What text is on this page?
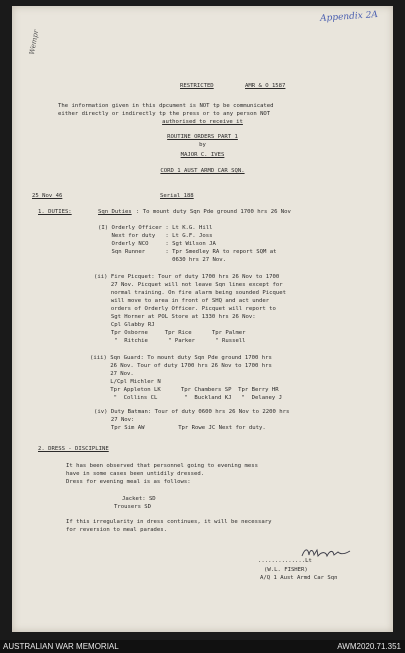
Appendix 2A
Wempr
RESTRICTED	AMR & O 1587
The information given in this dpcument is NOT tp be communicated
either directly or indirectly tp the press or to any person NOT
authorised to receive it
ROUTINE ORDERS PART 1
by
MAJOR C. IVES
CORD 1 AUST ARMD CAR SQN.
25 Nov 46	Serial 188
1. DUTIES:	Sqn Duties : To mount duty Sqn Pde ground 1700 hrs 26 Nov
(I) Orderly Officer : Lt K.G. Hill
Next for duty   : Lt G.F. Joss
Orderly NCO     : Sgt Wilson JA
Sqn Runner      : Tpr Smedley RA to report SQM at
0630 hrs 27 Nov.
(ii) Fire Picquet: Tour of duty 1700 hrs 26 Nov to 1700
27 Nov. Picquet will not leave Sqn lines except for
normal training. On fire alarm being sounded Picquet
will move to area in front of SHQ and act under
orders of Orderly Officer. Picquet will report to
Sgt Horner at POL Store at 1330 hrs 26 Nov:
Cpl Glabby RJ
Tpr Osborne     Tpr Rice      Tpr Palmer
"  Ritchie      " Parker      " Russell
(iii) Sqn Guard: To mount duty Sqn Pde ground 1700 hrs
26 Nov. Tour of duty 1700 hrs 26 Nov to 1700 hrs
27 Nov.
L/Cpl Michler N
Tpr Appleton LK      Tpr Chambers SP  Tpr Berry HR
"  Collins CL        "  Buckland KJ   "  Delaney J
(iv) Duty Batman: Tour of duty 0600 hrs 26 Nov to 2200 hrs
27 Nov:
Tpr Sim AW          Tpr Rowe JC Next for duty.
2. DRESS - DISCIPLINE
It has been observed that personnel going to evening mess
have in some cases been untidily dressed.
Dress for evening meal is as follows:
Jacket: SD
Trousers SD
If this irregularity in dress continues, it will be necessary
for reversion to meal parades.
..............Lt
(W.L. FISHER)
A/Q 1 Aust Armd Car Sqn
AUSTRALIAN WAR MEMORIAL	AWM2020.71.351
